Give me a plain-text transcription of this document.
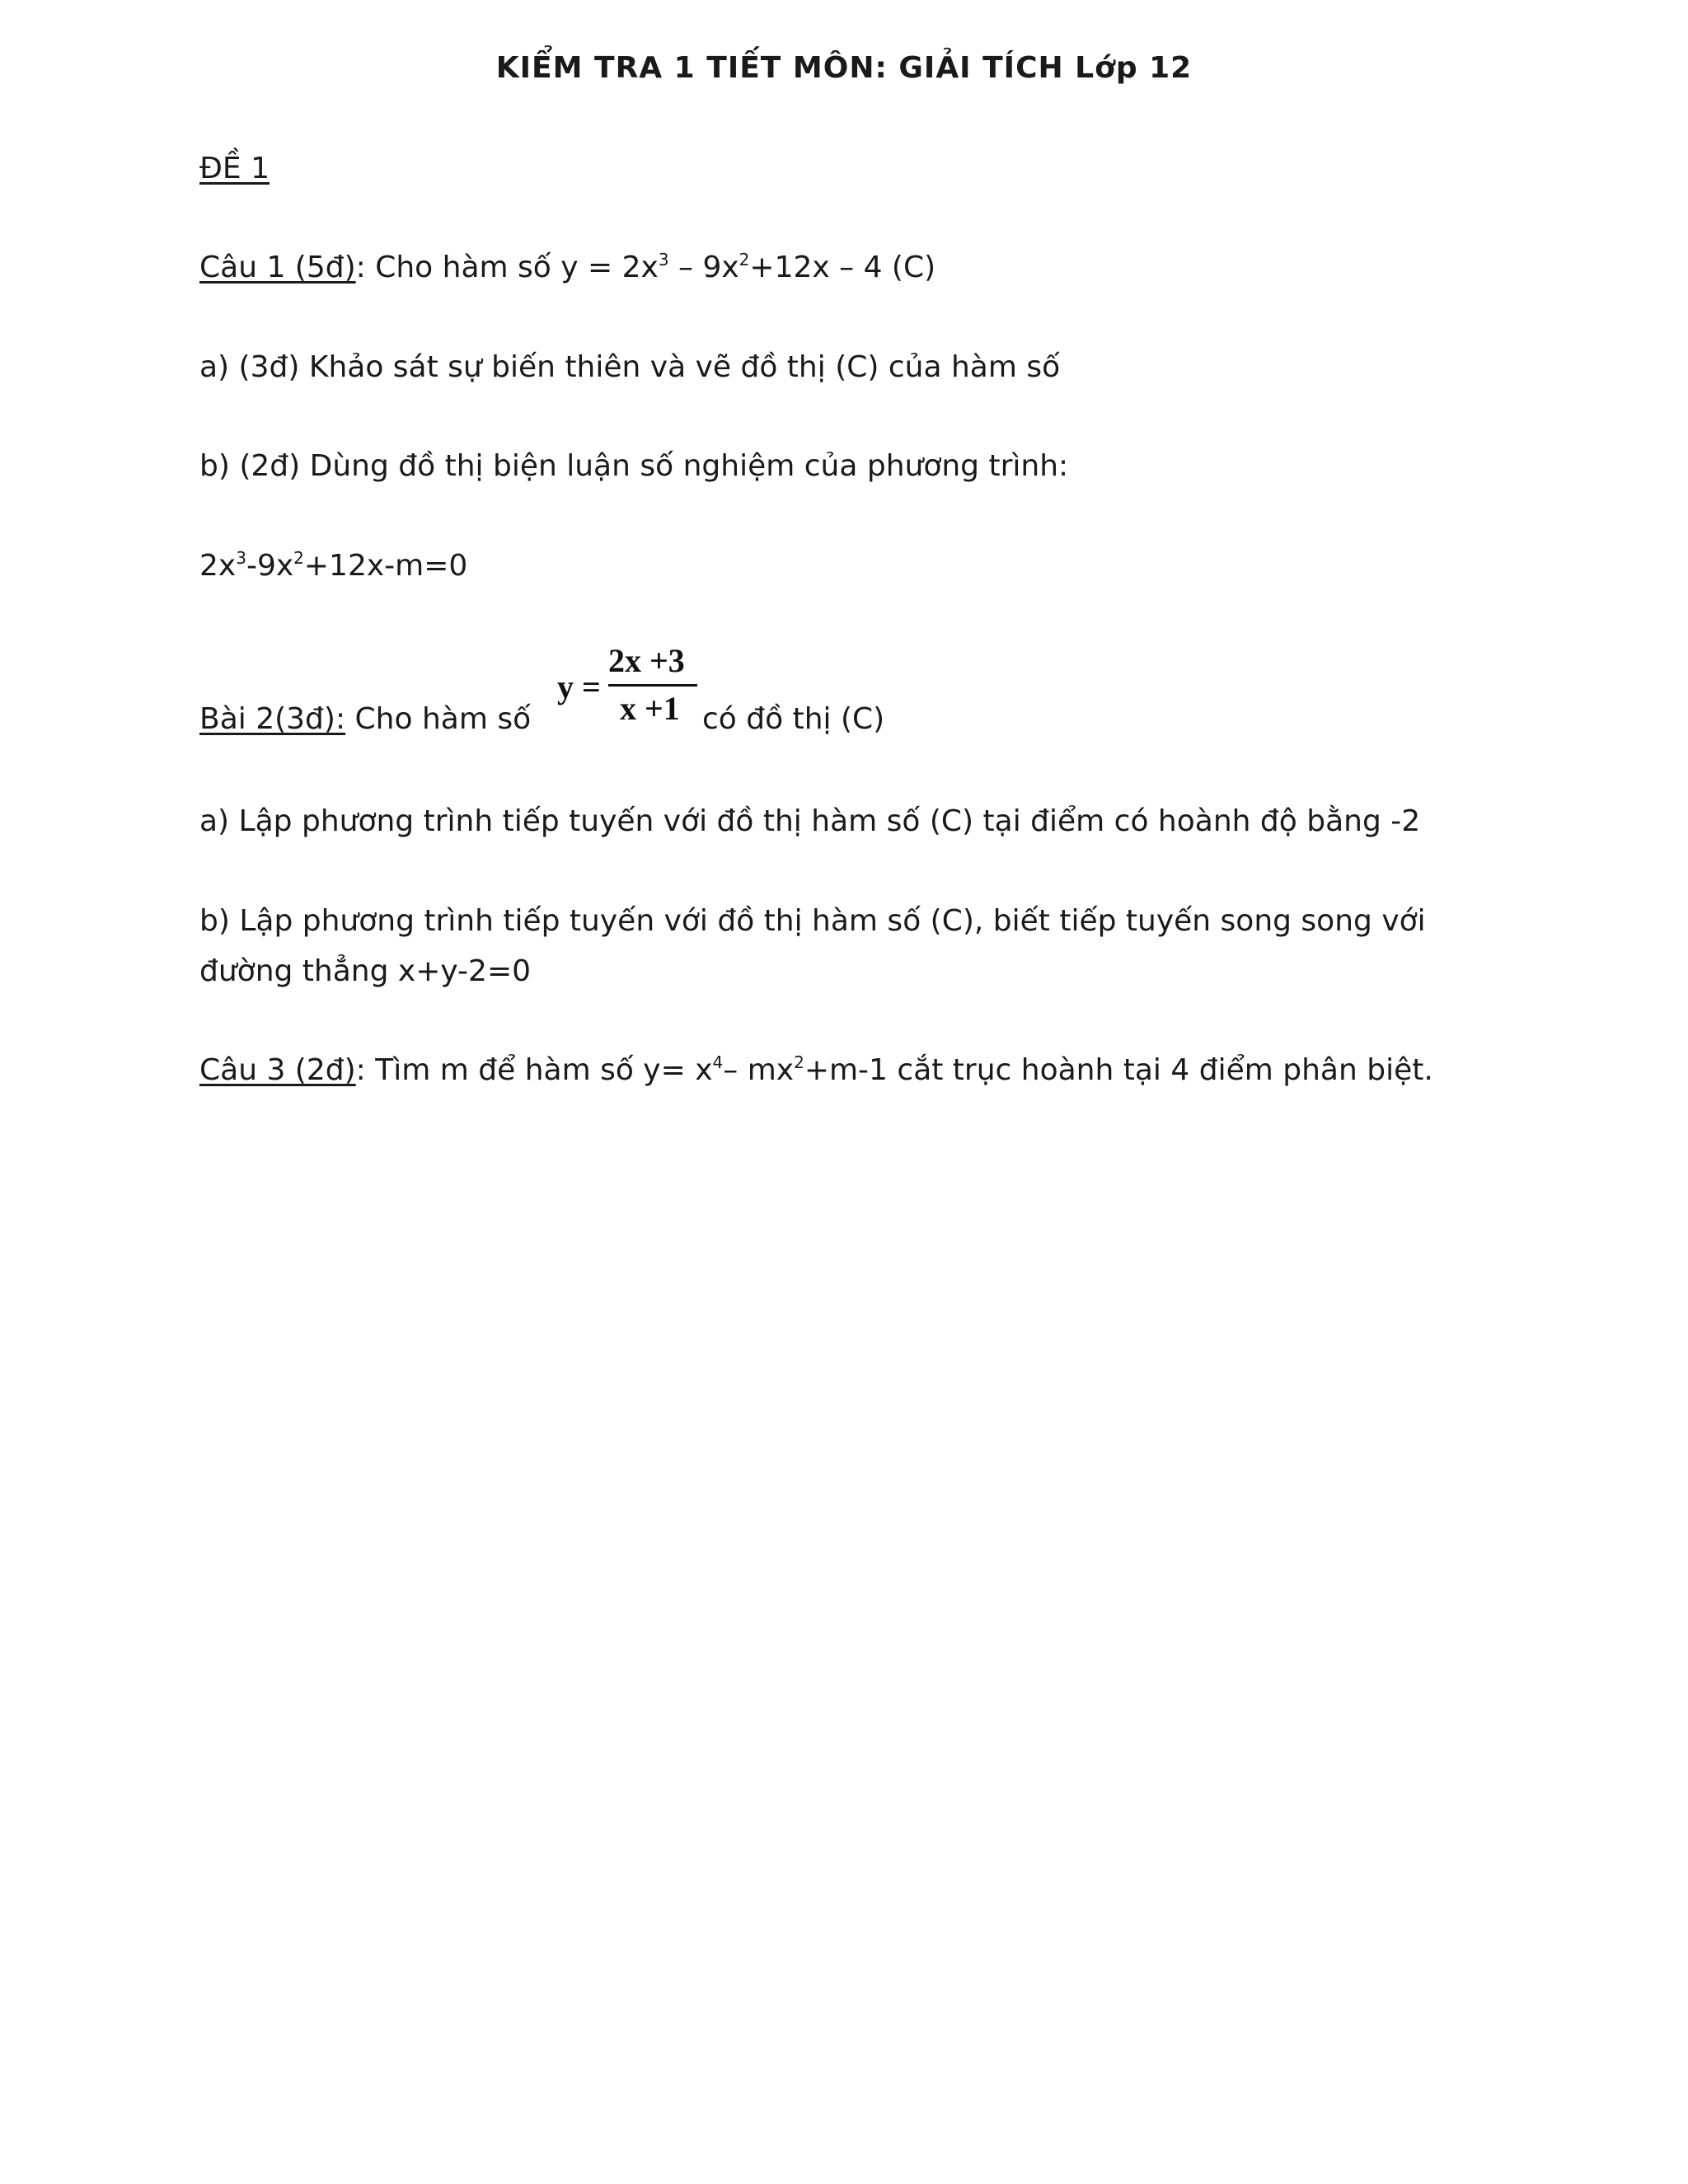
KIỂM TRA 1 TIẾT MÔN: GIẢI TÍCH Lớp 12
ĐỀ 1
Câu 1 (5đ): Cho hàm số $y = 2x^3 - 9x^2+12x - 4$ (C)
a) (3đ) Khảo sát sự biến thiên và vẽ đồ thị (C) của hàm số
b) (2đ) Dùng đồ thị biện luận số nghiệm của phương trình:
$2x^3-9x^2+12x-m=0$
Bài 2(3đ): Cho hàm số
y =
2x +3
x +1 có đồ thị (C)
a) Lập phương trình tiếp tuyến với đồ thị hàm số (C) tại điểm có hoành độ bằng -2
b) Lập phương trình tiếp tuyến với đồ thị hàm số (C), biết tiếp tuyến song song với
đường thẳng x+y-2=0
Câu 3 (2đ): Tìm m để hàm số $y= x^4-$ $mx^2+m-1$ cắt trục hoành tại 4 điểm phân biệt.
